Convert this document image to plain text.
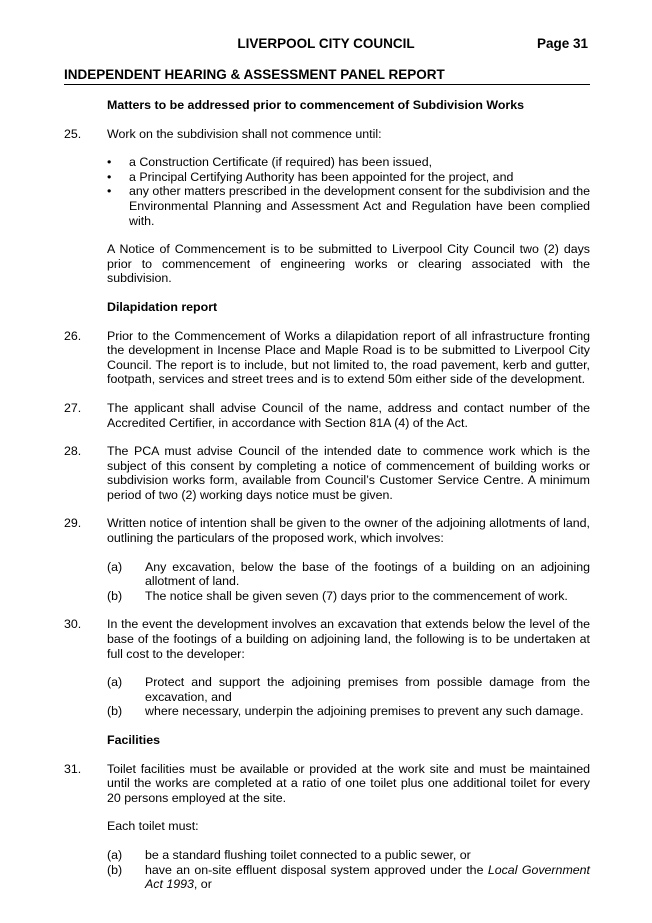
LIVERPOOL CITY COUNCIL	Page 31
INDEPENDENT HEARING & ASSESSMENT PANEL REPORT
Matters to be addressed prior to commencement of Subdivision Works
25.	Work on the subdivision shall not commence until:
•	a Construction Certificate (if required) has been issued,
•	a Principal Certifying Authority has been appointed for the project, and
•	any other matters prescribed in the development consent for the subdivision and the Environmental Planning and Assessment Act and Regulation have been complied with.
A Notice of Commencement is to be submitted to Liverpool City Council two (2) days prior to commencement of engineering works or clearing associated with the subdivision.
Dilapidation report
26.	Prior to the Commencement of Works a dilapidation report of all infrastructure fronting the development in Incense Place and Maple Road is to be submitted to Liverpool City Council. The report is to include, but not limited to, the road pavement, kerb and gutter, footpath, services and street trees and is to extend 50m either side of the development.
27.	The applicant shall advise Council of the name, address and contact number of the Accredited Certifier, in accordance with Section 81A (4) of the Act.
28.	The PCA must advise Council of the intended date to commence work which is the subject of this consent by completing a notice of commencement of building works or subdivision works form, available from Council’s Customer Service Centre. A minimum period of two (2) working days notice must be given.
29.	Written notice of intention shall be given to the owner of the adjoining allotments of land, outlining the particulars of the proposed work, which involves:
(a)	Any excavation, below the base of the footings of a building on an adjoining allotment of land.
(b)	The notice shall be given seven (7) days prior to the commencement of work.
30.	In the event the development involves an excavation that extends below the level of the base of the footings of a building on adjoining land, the following is to be undertaken at full cost to the developer:
(a)	Protect and support the adjoining premises from possible damage from the excavation, and
(b)	where necessary, underpin the adjoining premises to prevent any such damage.
Facilities
31.	Toilet facilities must be available or provided at the work site and must be maintained until the works are completed at a ratio of one toilet plus one additional toilet for every 20 persons employed at the site.
Each toilet must:
(a)	be a standard flushing toilet connected to a public sewer, or
(b)	have an on-site effluent disposal system approved under the Local Government Act 1993, or
